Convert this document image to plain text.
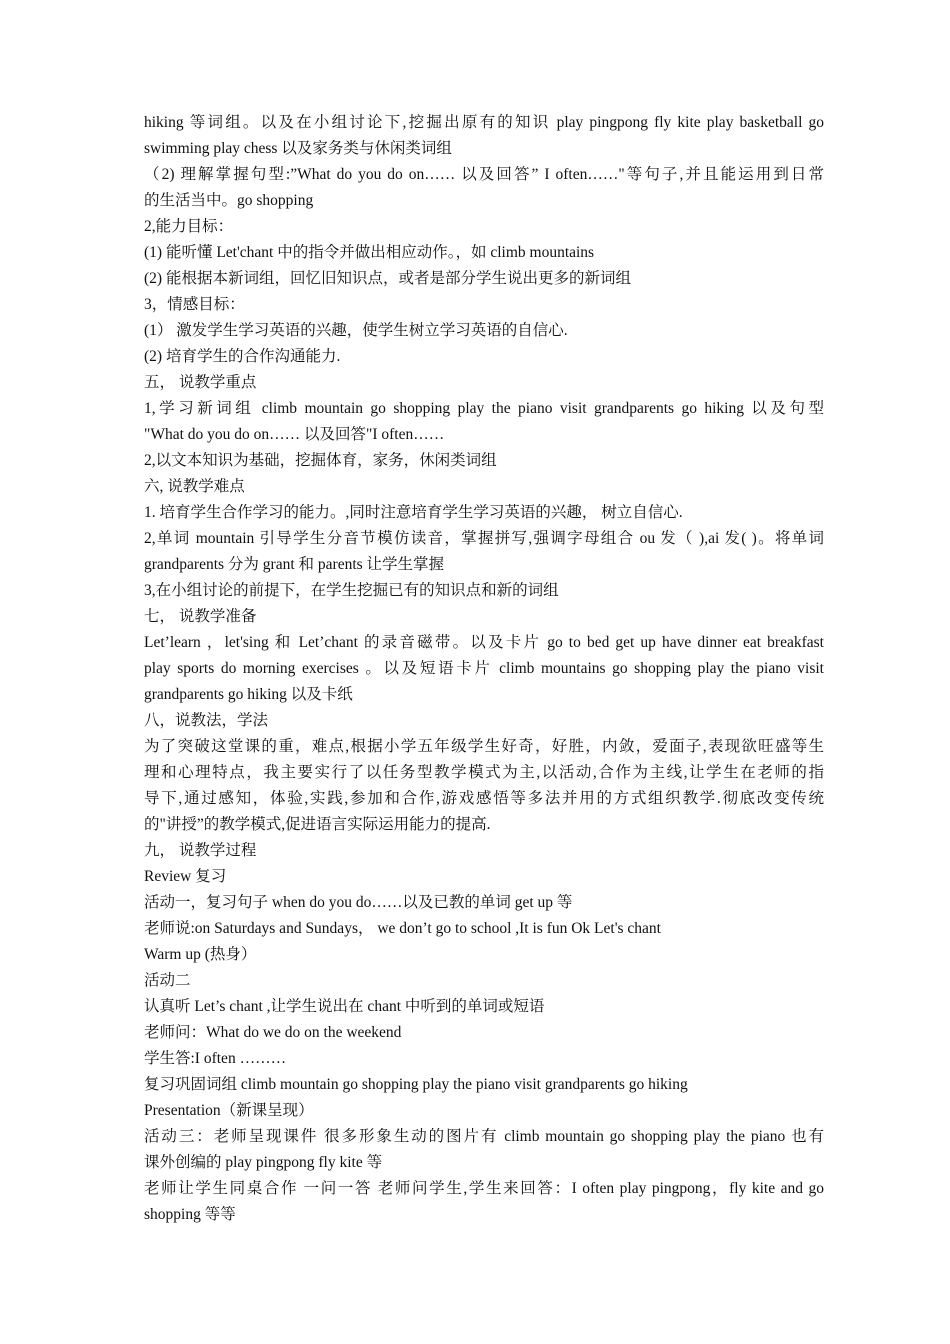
hiking 等词组。以及在小组讨论下,挖掘出原有的知识 play pingpong fly kite play basketball go
swimming play chess 以及家务类与休闲类词组
（2) 理解掌握句型:”What do you do on…… 以及回答” I often……"等句子,并且能运用到日常
的生活当中。go shopping
2,能力目标：
(1) 能听懂 Let'chant 中的指令并做出相应动作。，如 climb mountains
(2) 能根据本新词组，回忆旧知识点，或者是部分学生说出更多的新词组
3，情感目标：
(1） 激发学生学习英语的兴趣，使学生树立学习英语的自信心.
(2) 培育学生的合作沟通能力.
五， 说教学重点
1,学习新词组 climb mountain go shopping play the piano visit grandparents go hiking 以及句型
"What do you do on…… 以及回答"I often……
2,以文本知识为基础，挖掘体育，家务，休闲类词组
六, 说教学难点
1. 培育学生合作学习的能力。,同时注意培育学生学习英语的兴趣， 树立自信心.
2,单词 mountain 引导学生分音节模仿读音，掌握拼写,强调字母组合 ou 发（ ),ai 发( )。将单词
grandparents 分为 grant 和 parents 让学生掌握
3,在小组讨论的前提下，在学生挖掘已有的知识点和新的词组
七， 说教学准备
Let’learn ，let'sing 和 Let’chant 的录音磁带。以及卡片 go to bed get up have dinner eat breakfast
play sports do morning exercises 。以及短语卡片 climb mountains go shopping play the piano visit
grandparents go hiking 以及卡纸
八，说教法，学法
为了突破这堂课的重，难点,根据小学五年级学生好奇，好胜，内敛，爱面子,表现欲旺盛等生
理和心理特点，我主要实行了以任务型教学模式为主,以活动,合作为主线,让学生在老师的指
导下,通过感知，体验,实践,参加和合作,游戏感悟等多法并用的方式组织教学.彻底改变传统
的"讲授”的教学模式,促进语言实际运用能力的提高.
九， 说教学过程
Review 复习
活动一，复习句子 when do you do……以及已教的单词 get up 等
老师说:on Saturdays and Sundays， we don’t go to school ,It is fun Ok Let's chant
Warm up (热身）
活动二
认真听 Let’s chant ,让学生说出在 chant 中听到的单词或短语
老师问：What do we do on the weekend
学生答:I often ………
复习巩固词组 climb mountain go shopping play the piano visit grandparents go hiking
Presentation（新课呈现）
活动三：老师呈现课件 很多形象生动的图片有 climb mountain go shopping play the piano 也有
课外创编的 play pingpong fly kite 等
老师让学生同桌合作 一问一答 老师问学生,学生来回答：I often play pingpong，fly kite and go
shopping 等等
